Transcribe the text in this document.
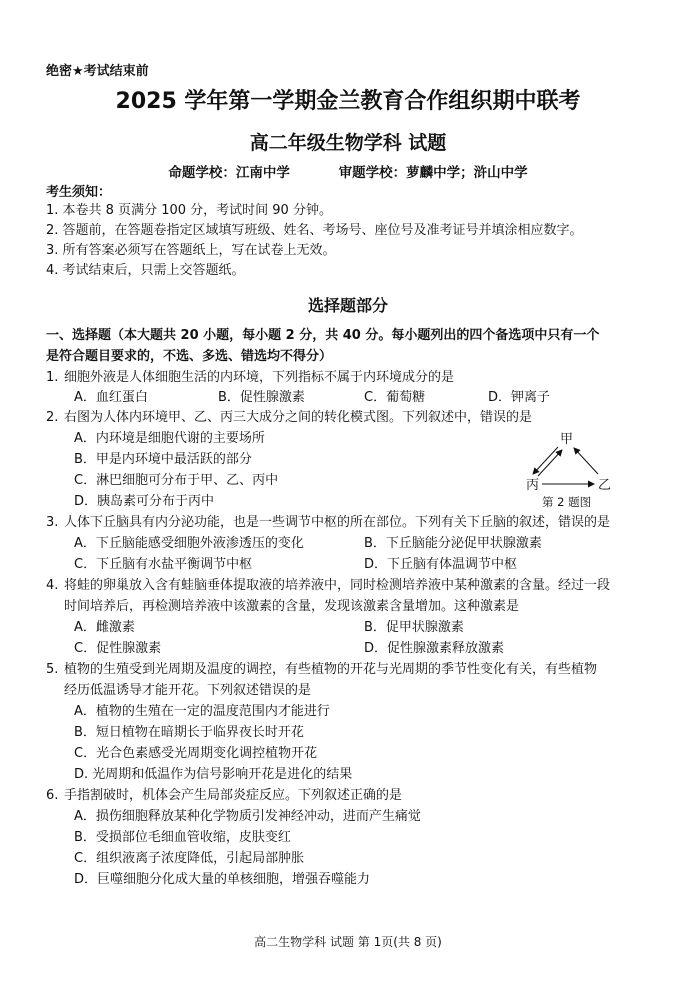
绝密★考试结束前
2025 学年第一学期金兰教育合作组织期中联考
高二年级生物学科 试题
命题学校：江南中学	审题学校：萝麟中学；浒山中学
考生须知：
1. 本卷共 8 页满分 100 分，考试时间 90 分钟。
2. 答题前，在答题卷指定区域填写班级、姓名、考场号、座位号及准考证号并填涂相应数字。
3. 所有答案必须写在答题纸上，写在试卷上无效。
4. 考试结束后，只需上交答题纸。
选择题部分
一、选择题（本大题共 20 小题，每小题 2 分，共 40 分。每小题列出的四个备选项中只有一个
是符合题目要求的，不选、多选、错选均不得分）
1. 细胞外液是人体细胞生活的内环境，下列指标不属于内环境成分的是
A．血红蛋白	B．促性腺激素	C．葡萄糖	D．钾离子
2. 右图为人体内环境甲、乙、丙三大成分之间的转化模式图。下列叙述中，错误的是
A．内环境是细胞代谢的主要场所
B．甲是内环境中最活跃的部分
C．淋巴细胞可分布于甲、乙、丙中
D．胰岛素可分布于丙中
甲
丙	乙
第 2 题图
3. 人体下丘脑具有内分泌功能，也是一些调节中枢的所在部位。下列有关下丘脑的叙述，错误的是
A．下丘脑能感受细胞外液渗透压的变化	B．下丘脑能分泌促甲状腺激素
C．下丘脑有水盐平衡调节中枢	D．下丘脑有体温调节中枢
4. 将蛙的卵巢放入含有蛙脑垂体提取液的培养液中，同时检测培养液中某种激素的含量。经过一段
时间培养后，再检测培养液中该激素的含量，发现该激素含量增加。这种激素是
A．雌激素	B．促甲状腺激素
C．促性腺激素	D．促性腺激素释放激素
5. 植物的生殖受到光周期及温度的调控，有些植物的开花与光周期的季节性变化有关，有些植物
经历低温诱导才能开花。下列叙述错误的是
A．植物的生殖在一定的温度范围内才能进行
B．短日植物在暗期长于临界夜长时开花
C．光合色素感受光周期变化调控植物开花
D. 光周期和低温作为信号影响开花是进化的结果
6. 手指割破时，机体会产生局部炎症反应。下列叙述正确的是
A．损伤细胞释放某种化学物质引发神经冲动，进而产生痛觉
B．受损部位毛细血管收缩，皮肤变红
C．组织液离子浓度降低，引起局部肿胀
D．巨噬细胞分化成大量的单核细胞，增强吞噬能力
高二生物学科 试题 第 1页(共 8 页)
